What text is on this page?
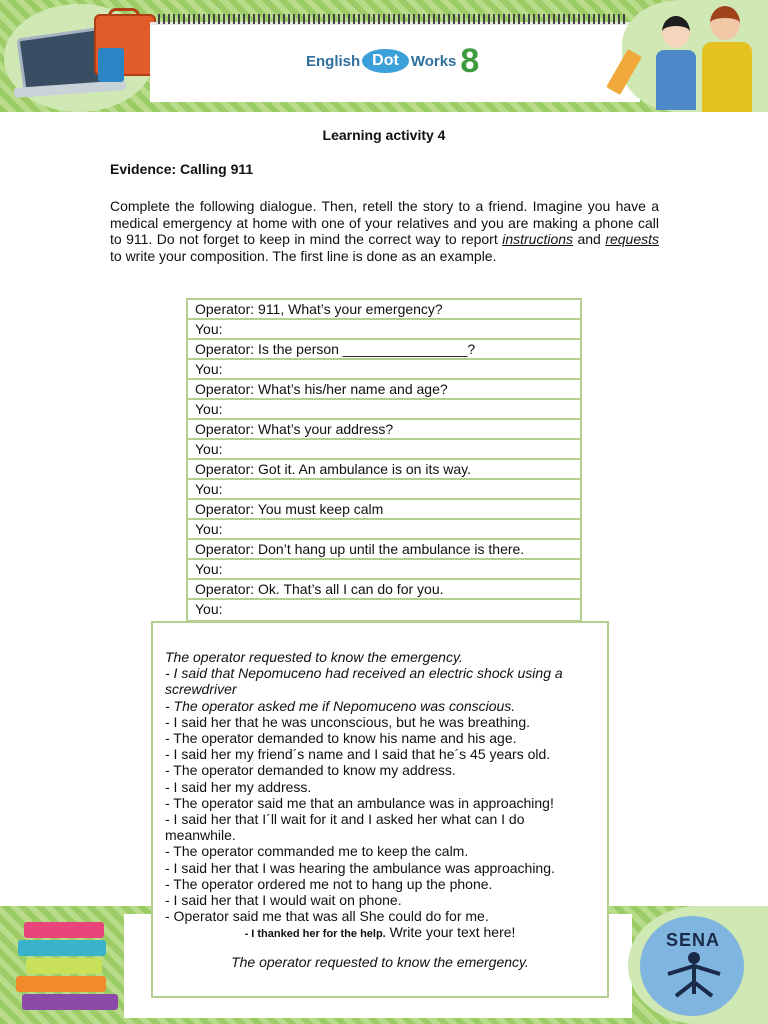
English Dot Works 8
Learning activity 4
Evidence: Calling 911
Complete the following dialogue. Then, retell the story to a friend. Imagine you have a medical emergency at home with one of your relatives and you are making a phone call to 911. Do not forget to keep in mind the correct way to report instructions and requests to write your composition. The first line is done as an example.
Operator: 911, What’s your emergency?
You:
Operator: Is the person ________________?
You:
Operator: What’s his/her name and age?
You:
Operator: What’s your address?
You:
Operator: Got it. An ambulance is on its way.
You:
Operator: You must keep calm
You:
Operator: Don’t hang up until the ambulance is there.
You:
Operator: Ok. That’s all I can do for you.
You:
SENA

The operator requested to know the emergency.

- I said that Nepomuceno had received an electric shock using a screwdriver

- The operator asked me if Nepomuceno was conscious.

- I said her that he was unconscious, but he was breathing.

- The operator demanded to know his name and his age.

- I said her my friend´s name and I said that he´s 45 years old.

- The operator demanded to know my address.

- I said her my address.

- The operator said me that an ambulance was in approaching!

- I said her that I´ll wait for it and I asked her what can I do meanwhile.

- The operator commanded me to keep the calm.

- I said her that I was hearing the ambulance was approaching.

- The operator ordered me not to hang up the phone.

- I said her that I would wait on phone.

- Operator said me that was all She could do for me.

- I thanked her for the help. Write your text here!

The operator requested to know the emergency.
